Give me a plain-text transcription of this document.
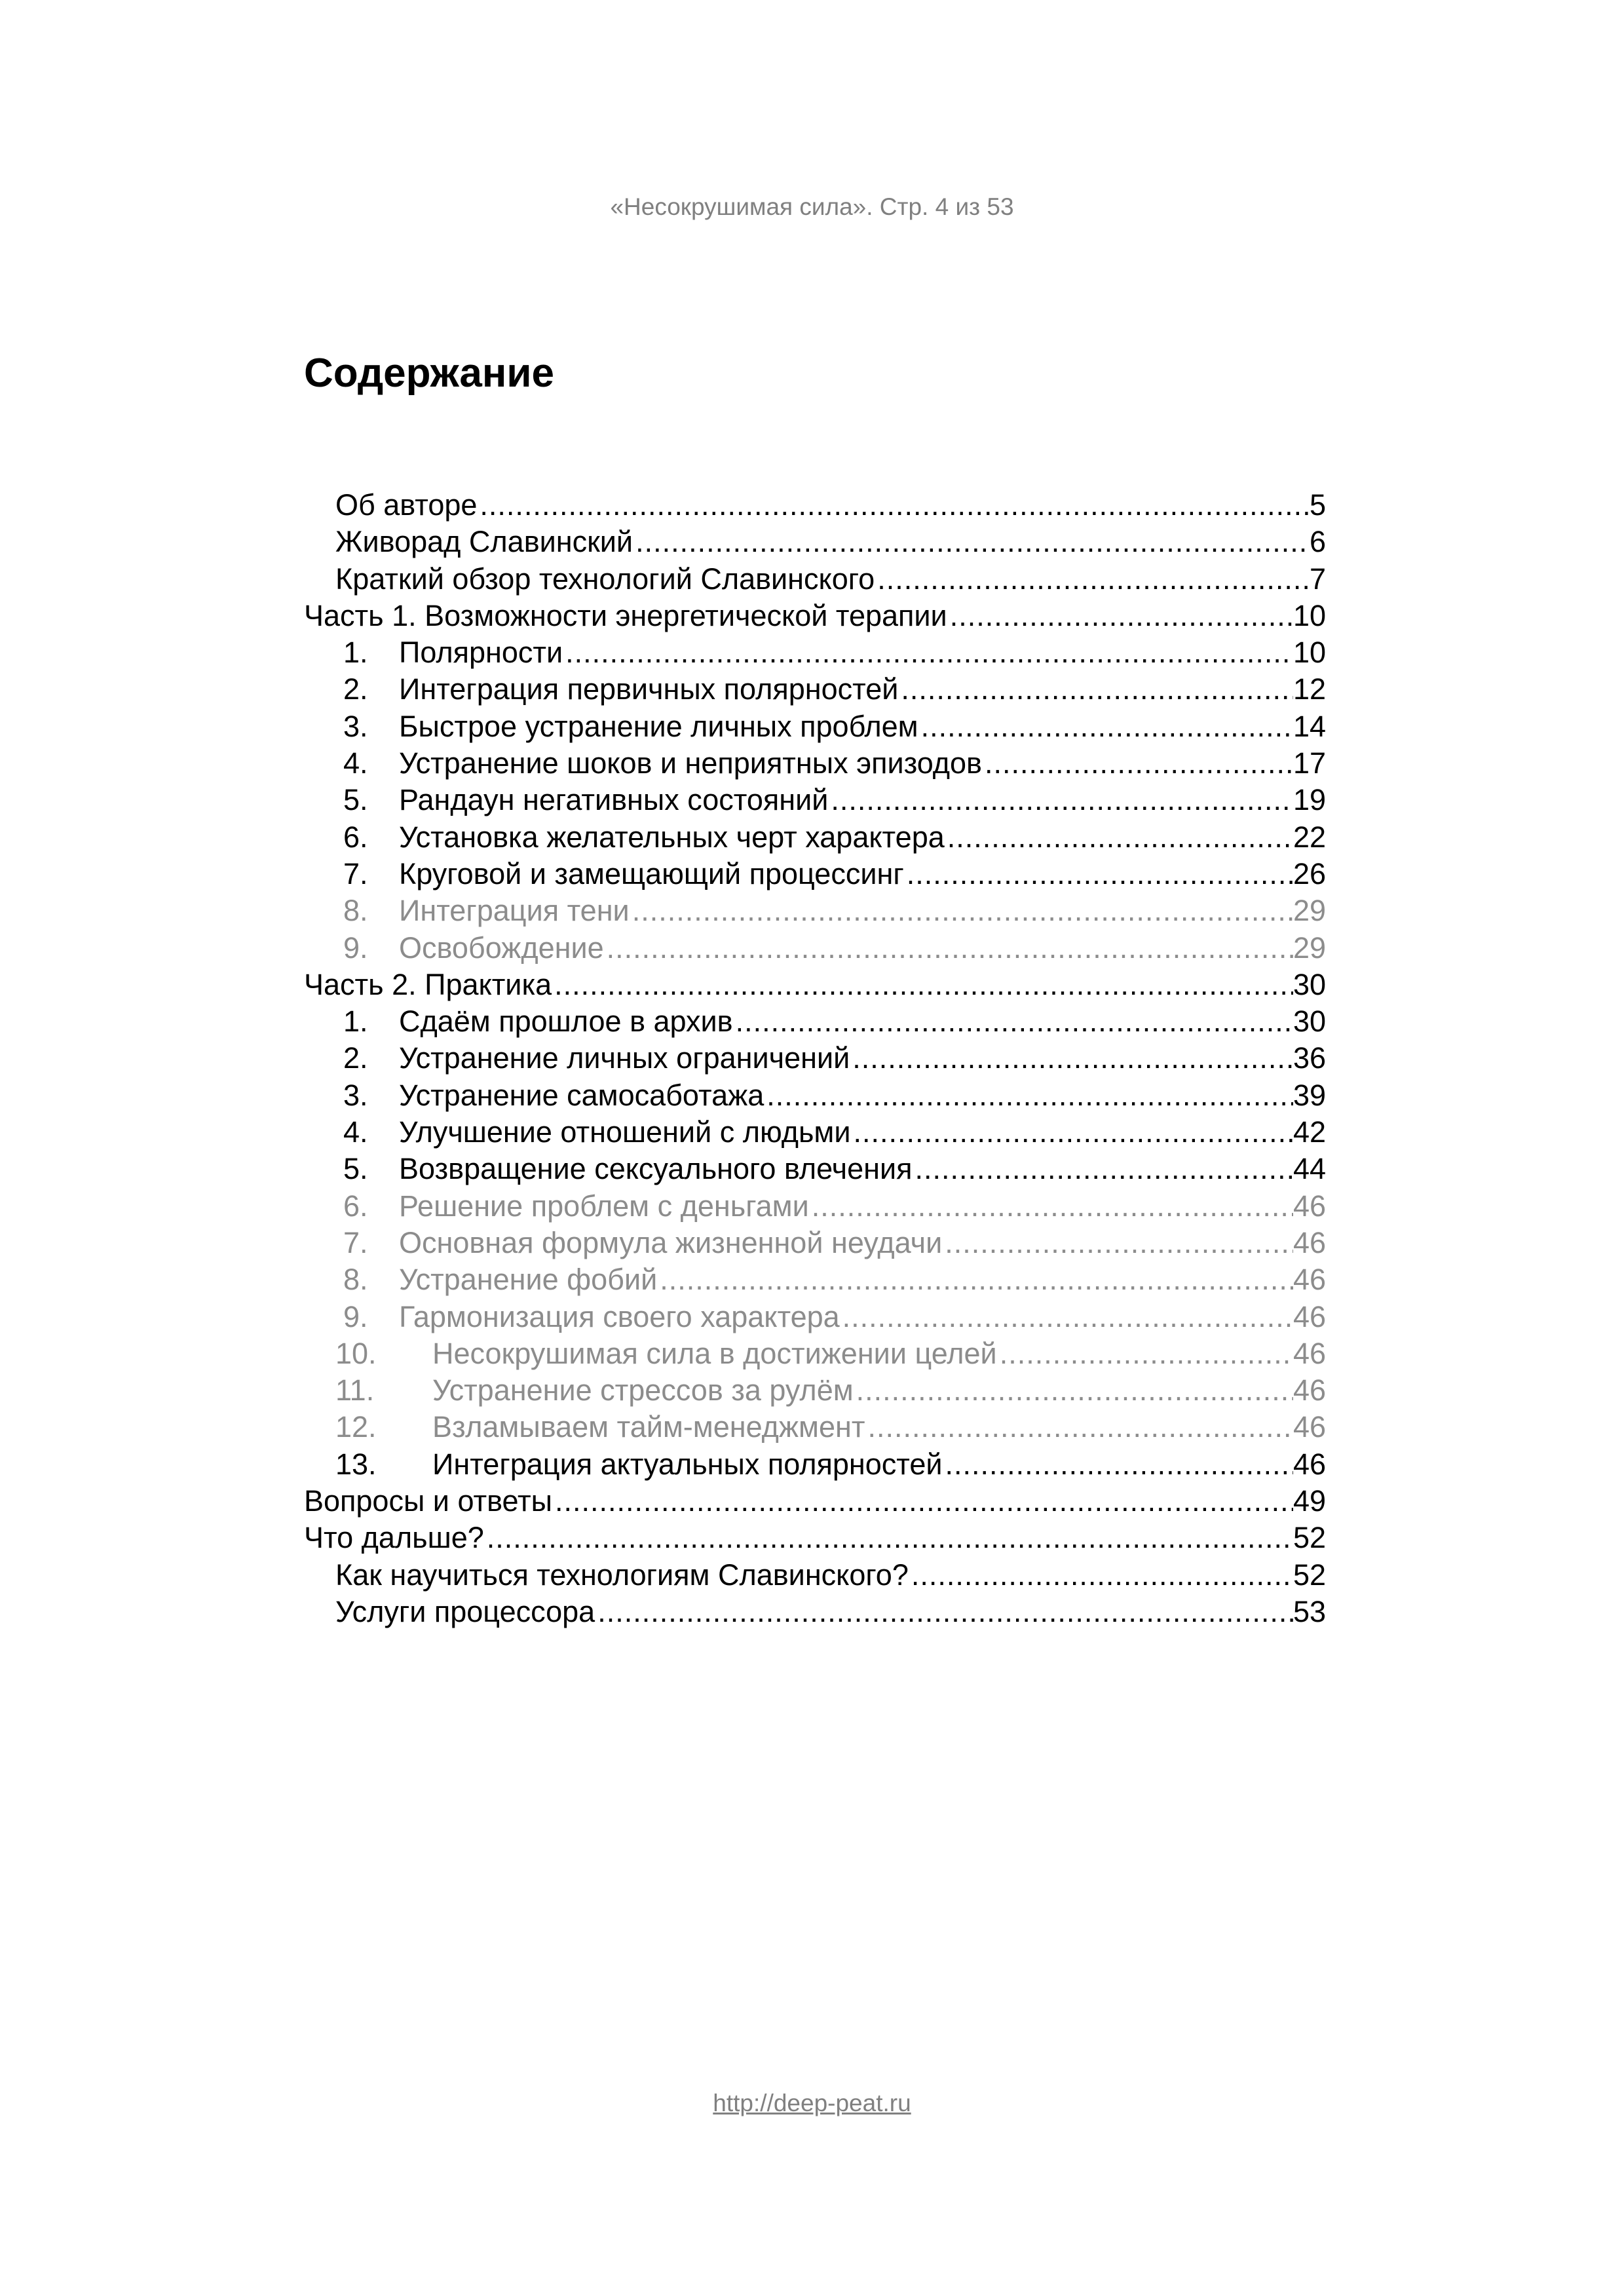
«Несокрушимая сила». Стр. 4 из 53
Содержание
Об авторе .....	5
Живорад Славинский .....	6
Краткий обзор технологий Славинского .....	7
Часть 1. Возможности энергетической терапии .....	10
1.	Полярности .....	10
2.	Интеграция первичных полярностей .....	12
3.	Быстрое устранение личных проблем .....	14
4.	Устранение шоков и неприятных эпизодов .....	17
5.	Рандаун негативных состояний .....	19
6.	Установка желательных черт характера .....	22
7.	Круговой и замещающий процессинг .....	26
8.	Интеграция тени .....	29
9.	Освобождение .....	29
Часть 2. Практика .....	30
1.	Сдаём прошлое в архив .....	30
2.	Устранение личных ограничений .....	36
3.	Устранение самосаботажа .....	39
4.	Улучшение отношений с людьми .....	42
5.	Возвращение сексуального влечения .....	44
6.	Решение проблем с деньгами .....	46
7.	Основная формула жизненной неудачи .....	46
8.	Устранение фобий .....	46
9.	Гармонизация своего характера .....	46
10.	Несокрушимая сила в достижении целей .....	46
11.	Устранение стрессов за рулём .....	46
12.	Взламываем тайм-менеджмент .....	46
13.	Интеграция актуальных полярностей .....	46
Вопросы и ответы .....	49
Что дальше? .....	52
Как научиться технологиям Славинского? .....	52
Услуги процессора .....	53
http://deep-peat.ru
